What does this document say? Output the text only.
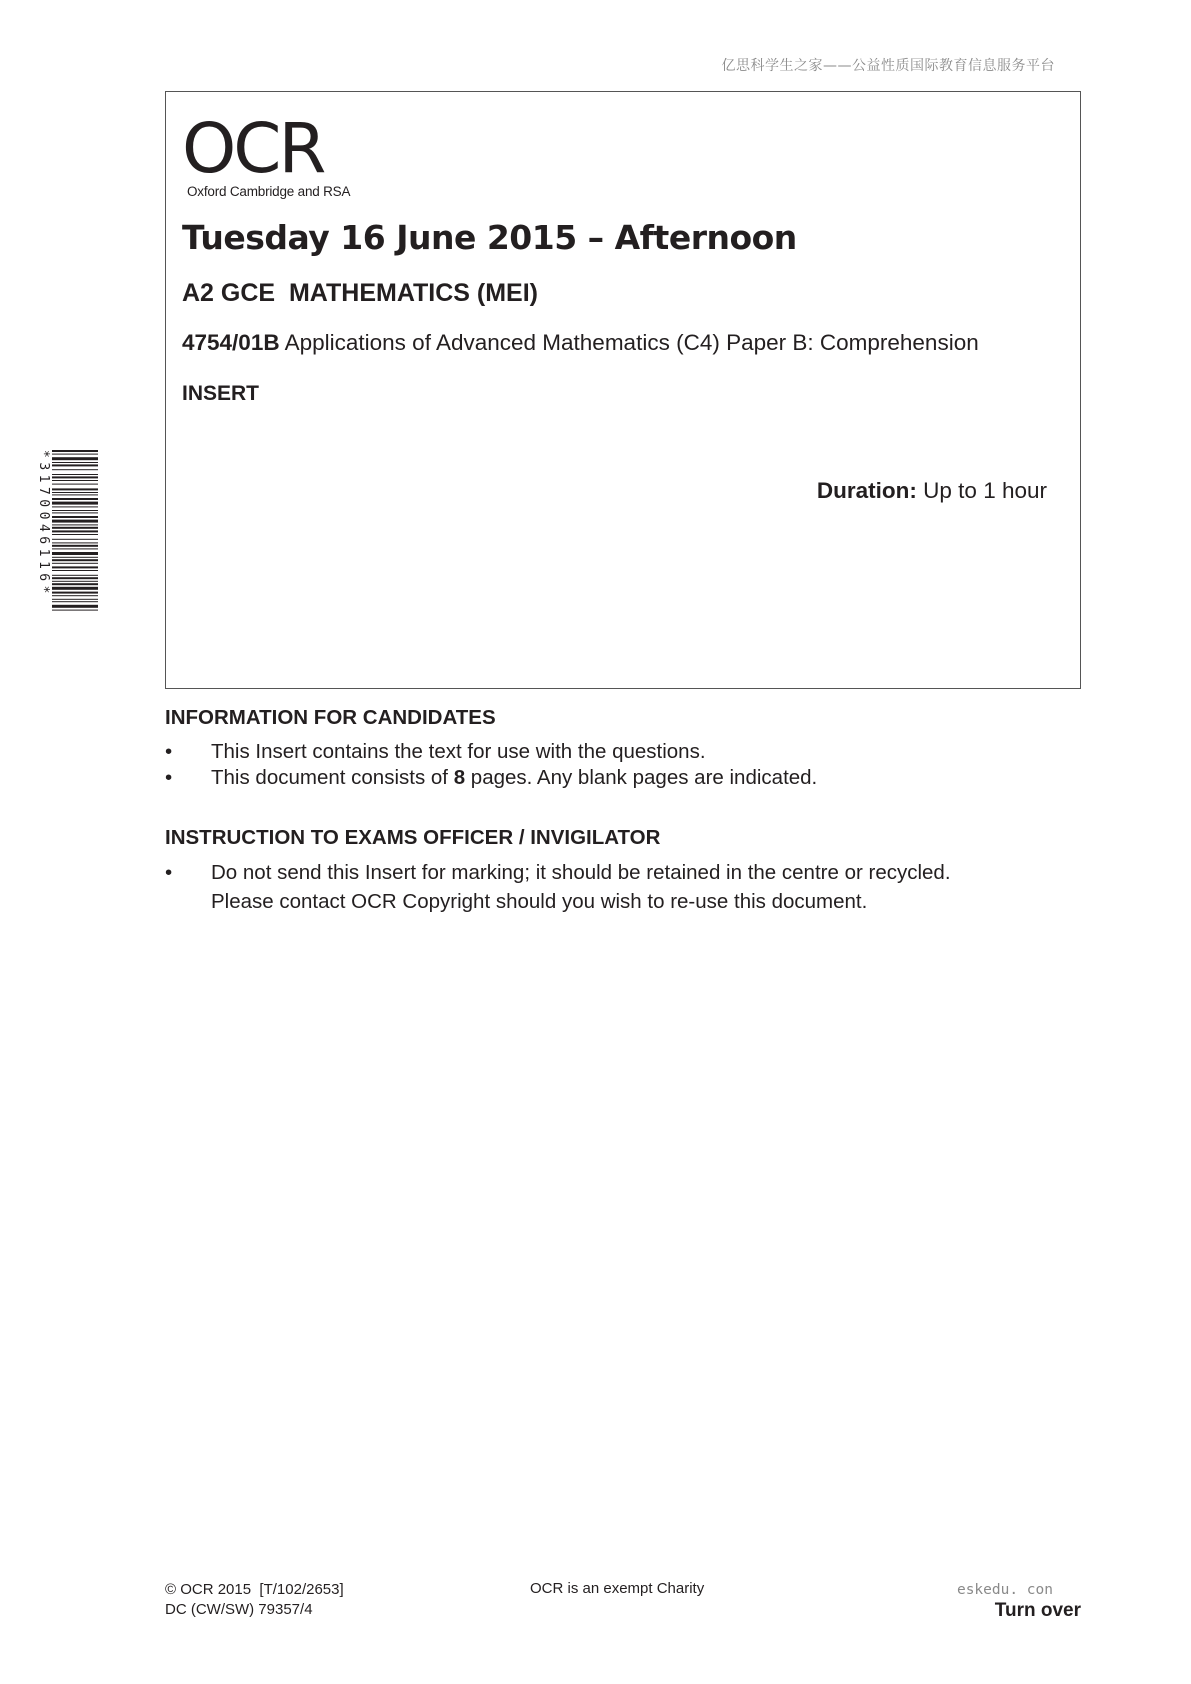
亿思科学生之家——公益性质国际教育信息服务平台
OCR
Oxford Cambridge and RSA
Tuesday 16 June 2015 – Afternoon
A2 GCE  MATHEMATICS (MEI)
4754/01B Applications of Advanced Mathematics (C4) Paper B: Comprehension
INSERT
Duration: Up to 1 hour
*3170046116*
INFORMATION FOR CANDIDATES
•	This Insert contains the text for use with the questions.
•	This document consists of 8 pages. Any blank pages are indicated.
INSTRUCTION TO EXAMS OFFICER / INVIGILATOR
•	Do not send this Insert for marking; it should be retained in the centre or recycled.
Please contact OCR Copyright should you wish to re-use this document.
© OCR 2015  [T/102/2653]
DC (CW/SW) 79357/4
OCR is an exempt Charity	eskedu. con
Turn over
